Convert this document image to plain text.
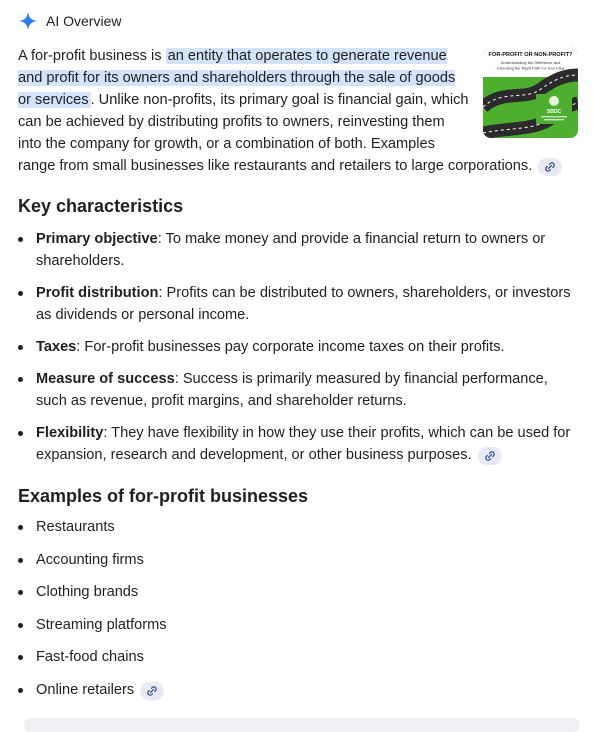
AI Overview
FOR-PROFIT OR NON-PROFIT?
Understanding the Difference and
Choosing the Right Path for Your Idea
SBDC
A for-profit business is an entity that operates to generate revenue and profit for its owners and shareholders through the sale of goods or services . Unlike non-profits, its primary goal is financial gain, which can be achieved by distributing profits to owners, reinvesting them into the company for growth, or a combination of both. Examples range from small businesses like restaurants and retailers to large corporations.
Key characteristics
Primary objective: To make money and provide a financial return to owners or shareholders.
Profit distribution: Profits can be distributed to owners, shareholders, or investors as dividends or personal income.
Taxes: For-profit businesses pay corporate income taxes on their profits.
Measure of success: Success is primarily measured by financial performance, such as revenue, profit margins, and shareholder returns.
Flexibility: They have flexibility in how they use their profits, which can be used for expansion, research and development, or other business purposes.
Examples of for-profit businesses
Restaurants
Accounting firms
Clothing brands
Streaming platforms
Fast-food chains
Online retailers
